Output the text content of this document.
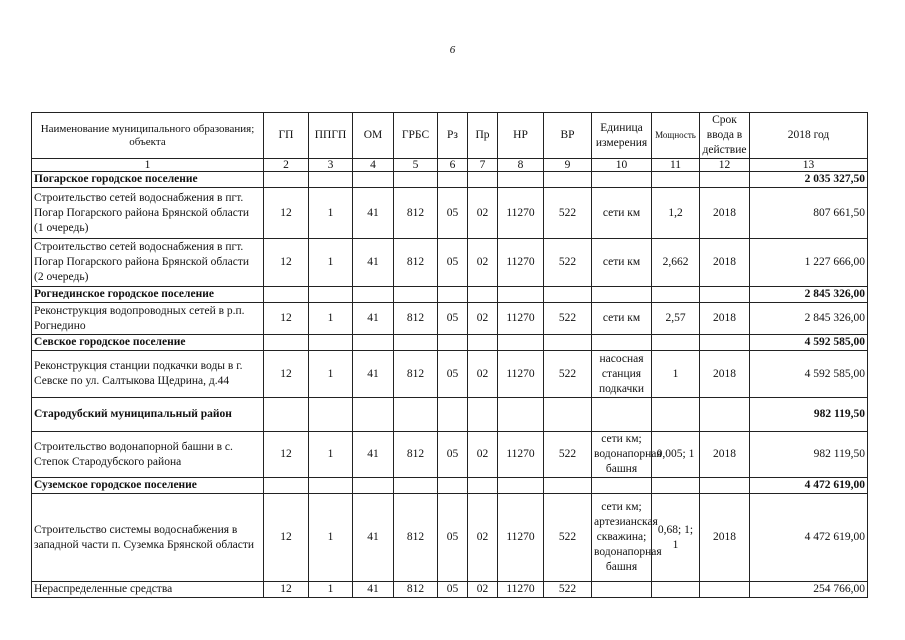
6
Наименование муниципального образования; объекта	ГП	ППГП	ОМ	ГРБС	Рз	Пр	НР	ВР	Единица измерения	Мощность	Срок ввода в действие	2018 год
1	2	3	4	5	6	7	8	9	10	11	12	13
Погарское городское поселение												2 035 327,50
Строительство сетей водоснабжения в пгт. Погар Погарского района Брянской области (1 очередь)	12	1	41	812	05	02	11270	522	сети км	1,2	2018	807 661,50
Строительство сетей водоснабжения в пгт. Погар Погарского района Брянской области (2 очередь)	12	1	41	812	05	02	11270	522	сети км	2,662	2018	1 227 666,00
Рогнединское городское поселение												2 845 326,00
Реконструкция водопроводных сетей в р.п. Рогнедино	12	1	41	812	05	02	11270	522	сети км	2,57	2018	2 845 326,00
Севское городское поселение												4 592 585,00
Реконструкция станции подкачки воды в г. Севске по ул. Салтыкова Щедрина, д.44	12	1	41	812	05	02	11270	522	насосная станция подкачки	1	2018	4 592 585,00
Стародубский муниципальный район												982 119,50
Строительство водонапорной башни в с. Степок Стародубского района	12	1	41	812	05	02	11270	522	сети км; водонапорная башня	0,005; 1	2018	982 119,50
Суземское городское поселение												4 472 619,00
Строительство системы водоснабжения в западной части п. Суземка Брянской области	12	1	41	812	05	02	11270	522	сети км; артезианская скважина; водонапорная башня	0,68; 1; 1	2018	4 472 619,00
Нераспределенные средства	12	1	41	812	05	02	11270	522				254 766,00
